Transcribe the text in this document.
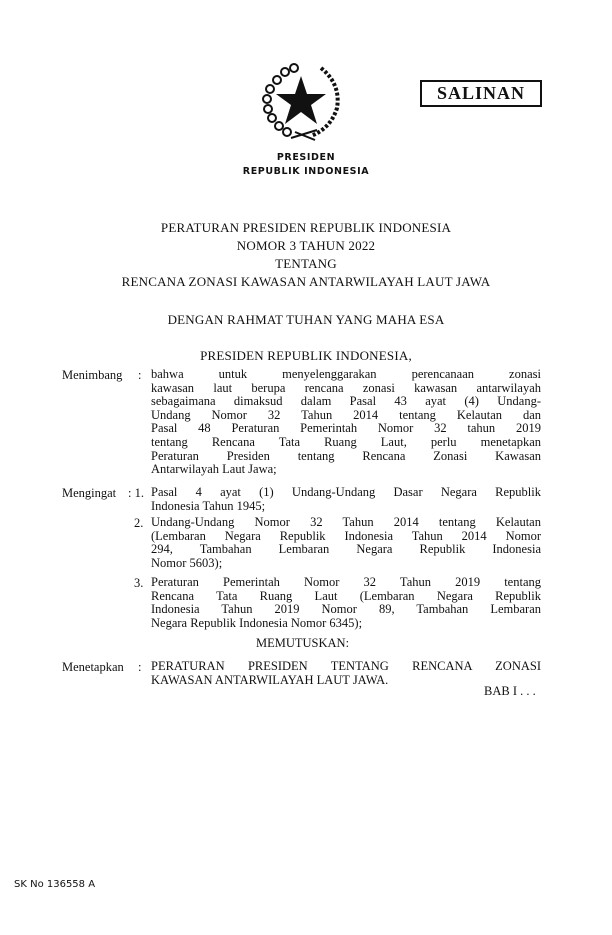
SALINAN
PRESIDEN
REPUBLIK INDONESIA
PERATURAN PRESIDEN REPUBLIK INDONESIA
NOMOR 3 TAHUN 2022
TENTANG
RENCANA ZONASI KAWASAN ANTARWILAYAH LAUT JAWA
DENGAN RAHMAT TUHAN YANG MAHA ESA
PRESIDEN REPUBLIK INDONESIA,
Menimbang : bahwa untuk menyelenggarakan perencanaan zonasi
kawasan laut berupa rencana zonasi kawasan antarwilayah
sebagaimana dimaksud dalam Pasal 43 ayat (4) Undang-
Undang Nomor 32 Tahun 2014 tentang Kelautan dan
Pasal 48 Peraturan Pemerintah Nomor 32 tahun 2019
tentang Rencana Tata Ruang Laut, perlu menetapkan
Peraturan Presiden tentang Rencana Zonasi Kawasan
Antarwilayah Laut Jawa;
Mengingat : 1. Pasal 4 ayat (1) Undang-Undang Dasar Negara Republik
Indonesia Tahun 1945;
2. Undang-Undang Nomor 32 Tahun 2014 tentang Kelautan
(Lembaran Negara Republik Indonesia Tahun 2014 Nomor
294, Tambahan Lembaran Negara Republik Indonesia
Nomor 5603);
3. Peraturan Pemerintah Nomor 32 Tahun 2019 tentang
Rencana Tata Ruang Laut (Lembaran Negara Republik
Indonesia Tahun 2019 Nomor 89, Tambahan Lembaran
Negara Republik Indonesia Nomor 6345);
MEMUTUSKAN:
Menetapkan : PERATURAN PRESIDEN TENTANG RENCANA ZONASI
KAWASAN ANTARWILAYAH LAUT JAWA.
BAB I . . .
SK No 136558 A
